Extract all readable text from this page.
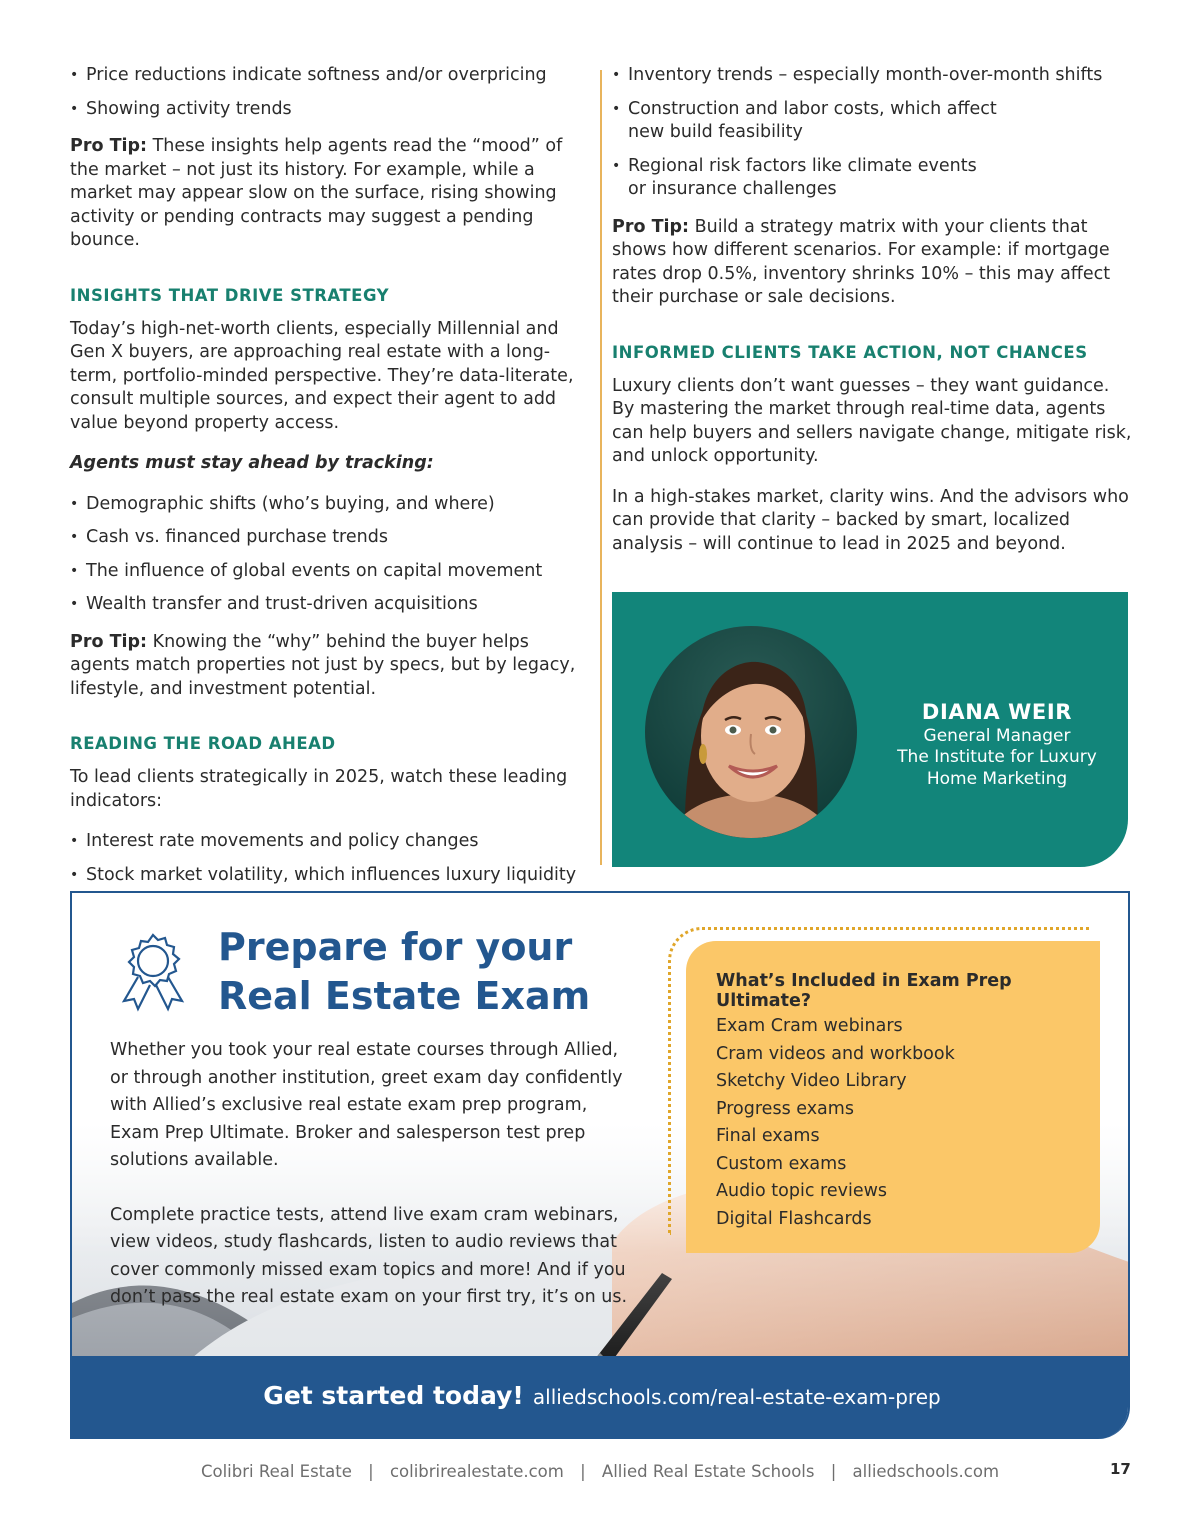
• Price reductions indicate softness and/or overpricing
• Showing activity trends

Pro Tip: These insights help agents read the “mood” of the market – not just its history. For example, while a market may appear slow on the surface, rising showing activity or pending contracts may suggest a pending bounce.

INSIGHTS THAT DRIVE STRATEGY

Today’s high-net-worth clients, especially Millennial and Gen X buyers, are approaching real estate with a long-term, portfolio-minded perspective. They’re data-literate, consult multiple sources, and expect their agent to add value beyond property access.

Agents must stay ahead by tracking:
• Demographic shifts (who’s buying, and where)
• Cash vs. financed purchase trends
• The influence of global events on capital movement
• Wealth transfer and trust-driven acquisitions

Pro Tip: Knowing the “why” behind the buyer helps agents match properties not just by specs, but by legacy, lifestyle, and investment potential.

READING THE ROAD AHEAD

To lead clients strategically in 2025, watch these leading indicators:

• Interest rate movements and policy changes
• Stock market volatility, which influences luxury liquidity
• Inventory trends – especially month-over-month shifts
• Construction and labor costs, which affect new build feasibility
• Regional risk factors like climate events or insurance challenges

Pro Tip: Build a strategy matrix with your clients that shows how different scenarios. For example: if mortgage rates drop 0.5%, inventory shrinks 10% – this may affect their purchase or sale decisions.

INFORMED CLIENTS TAKE ACTION, NOT CHANCES

Luxury clients don’t want guesses – they want guidance. By mastering the market through real-time data, agents can help buyers and sellers navigate change, mitigate risk, and unlock opportunity.

In a high-stakes market, clarity wins. And the advisors who can provide that clarity – backed by smart, localized analysis – will continue to lead in 2025 and beyond.

DIANA WEIR
General Manager
The Institute for Luxury
Home Marketing
Prepare for your
Real Estate Exam

Whether you took your real estate courses through Allied, or through another institution, greet exam day confidently with Allied’s exclusive real estate exam prep program, Exam Prep Ultimate. Broker and salesperson test prep solutions available.

Complete practice tests, attend live exam cram webinars, view videos, study flashcards, listen to audio reviews that cover commonly missed exam topics and more! And if you don’t pass the real estate exam on your first try, it’s on us.

What’s Included in Exam Prep Ultimate?
Exam Cram webinars
Cram videos and workbook
Sketchy Video Library
Progress exams
Final exams
Custom exams
Audio topic reviews
Digital Flashcards
Get started today! alliedschools.com/real-estate-exam-prep
Colibri Real Estate | colibrirealestate.com | Allied Real Estate Schools | alliedschools.com	17
